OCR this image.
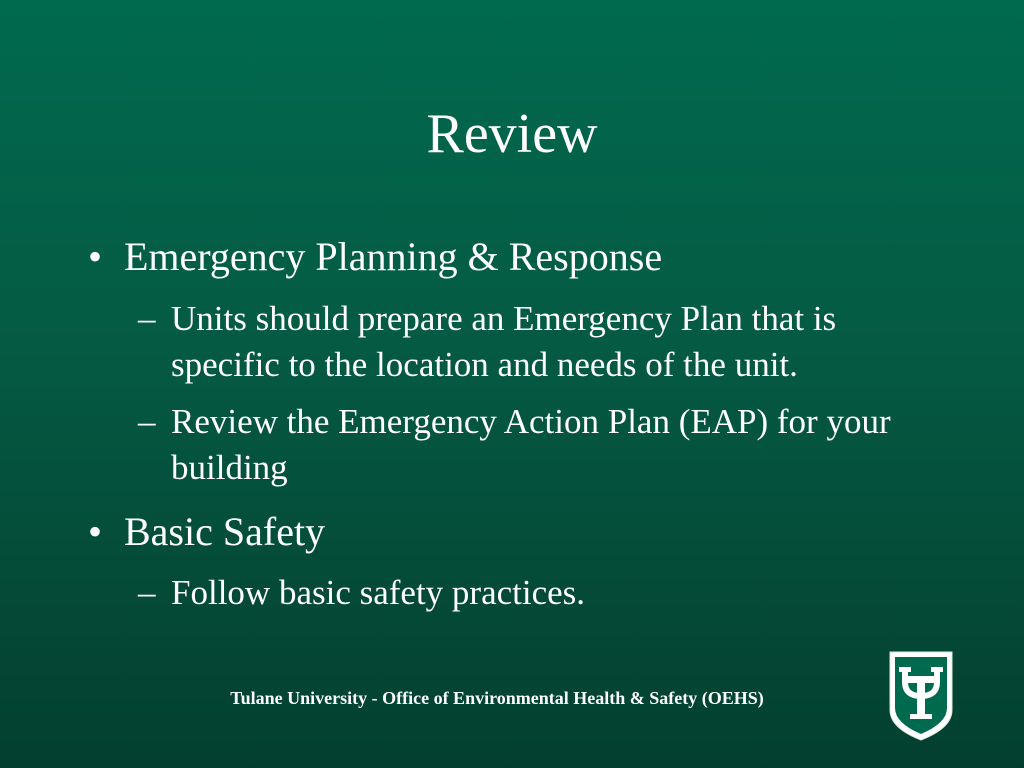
Review
• Emergency Planning & Response
– Units should prepare an Emergency Plan that is specific to the location and needs of the unit.
– Review the Emergency Action Plan (EAP) for your building
• Basic Safety
– Follow basic safety practices.
Tulane University - Office of Environmental Health & Safety (OEHS)
